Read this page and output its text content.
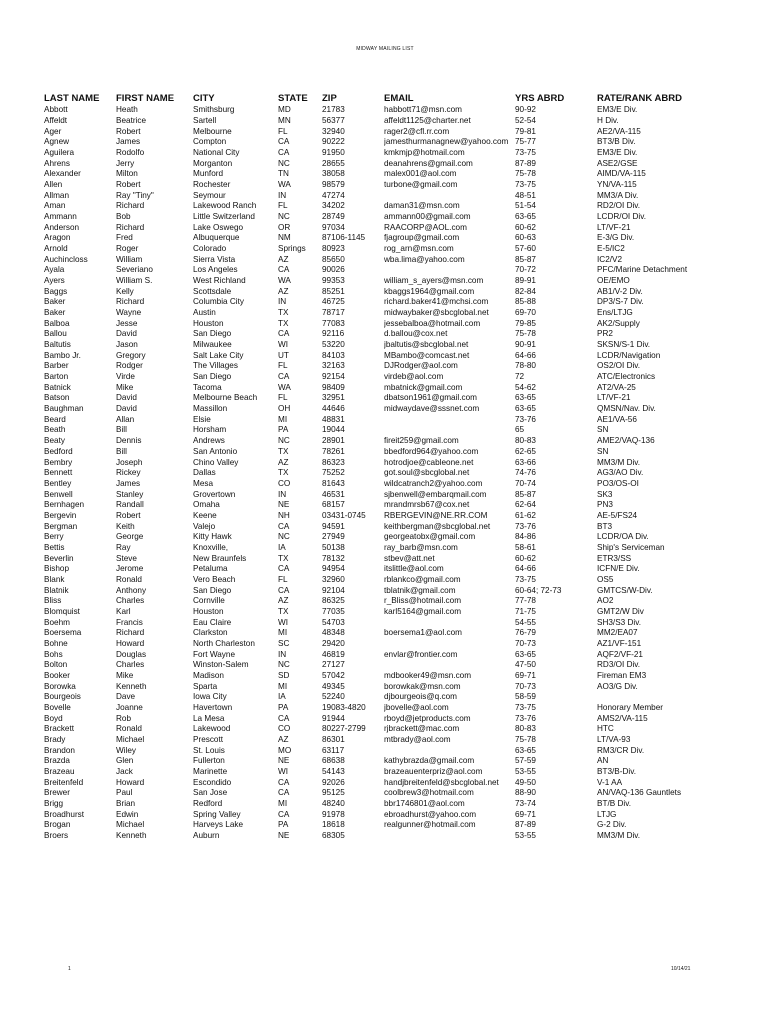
MIDWAY MAILING LIST
LAST NAME	FIRST NAME	CITY	STATE	ZIP	EMAIL	YRS ABRD	RATE/RANK ABRD
Abbott	Heath	Smithsburg	MD	21783	habbott71@msn.com	90-92	EM3/E Div.
Affeldt	Beatrice	Sartell	MN	56377	affeldt1125@charter.net	52-54	H Div.
Ager	Robert	Melbourne	FL	32940	rager2@cfl.rr.com	79-81	AE2/VA-115
Agnew	James	Compton	CA	90222	jamesthurmanagnew@yahoo.com	75-77	BT3/B Div.
Aguilera	Rodolfo	National City	CA	91950	kmkmjp@hotmail.com	73-75	EM3/E Div.
Ahrens	Jerry	Morganton	NC	28655	deanahrens@gmail.com	87-89	ASE2/GSE
Alexander	Milton	Munford	TN	38058	malex001@aol.com	75-78	AIMD/VA-115
Allen	Robert	Rochester	WA	98579	turbone@gmail.com	73-75	YN/VA-115
Allman	Ray "Tiny"	Seymour	IN	47274		48-51	MM3/A Div.
Aman	Richard	Lakewood Ranch	FL	34202	daman31@msn.com	51-54	RD2/OI Div.
Ammann	Bob	Little Switzerland	NC	28749	ammann00@gmail.com	63-65	LCDR/OI Div.
Anderson	Richard	Lake Oswego	OR	97034	RAACORP@AOL.com	60-62	LT/VF-21
Aragon	Fred	Albuquerque	NM	87106-1145	fjagroup@gmail.com	60-63	E-3/G Div.
Arnold	Roger	Colorado	Springs	80923	rog_arn@msn.com	57-60	E-5/IC2
Auchincloss	William	Sierra Vista	AZ	85650	wba.lima@yahoo.com	85-87	IC2/V2
Ayala	Severiano	Los Angeles	CA	90026		70-72	PFC/Marine Detachment
Ayers	William S.	West Richland	WA	99353	william_s_ayers@msn.com	89-91	OE/EMO
Baggs	Kelly	Scottsdale	AZ	85251	kbaggs1964@gmail.com	82-84	AB1/V-2 Div.
Baker	Richard	Columbia City	IN	46725	richard.baker41@mchsi.com	85-88	DP3/S-7 Div.
Baker	Wayne	Austin	TX	78717	midwaybaker@sbcglobal.net	69-70	Ens/LTJG
Balboa	Jesse	Houston	TX	77083	jessebalboa@hotmail.com	79-85	AK2/Supply
Ballou	David	San Diego	CA	92116	d.ballou@cox.net	75-78	PR2
Baltutis	Jason	Milwaukee	WI	53220	jbaltutis@sbcglobal.net	90-91	SKSN/S-1 Div.
Bambo Jr.	Gregory	Salt Lake City	UT	84103	MBambo@comcast.net	64-66	LCDR/Navigation
Barber	Rodger	The Villages	FL	32163	DJRodger@aol.com	78-80	OS2/OI Div.
Barton	Virde	San Diego	CA	92154	virdeb@aol.com	72	ATC/Electronics
Batnick	Mike	Tacoma	WA	98409	mbatnick@gmail.com	54-62	AT2/VA-25
Batson	David	Melbourne Beach	FL	32951	dbatson1961@gmail.com	63-65	LT/VF-21
Baughman	David	Massillon	OH	44646	midwaydave@sssnet.com	63-65	QMSN/Nav. Div.
Beard	Allan	Elsie	MI	48831		73-76	AE1/VA-56
Beath	Bill	Horsham	PA	19044		65	SN
Beaty	Dennis	Andrews	NC	28901	fireit259@gmail.com	80-83	AME2/VAQ-136
Bedford	Bill	San Antonio	TX	78261	bbedford964@yahoo.com	62-65	SN
Bembry	Joseph	Chino Valley	AZ	86323	hotrodjoe@cableone.net	63-66	MM3/M Div.
Bennett	Rickey	Dallas	TX	75252	got.soul@sbcglobal.net	74-76	AG3/AO Div.
Bentley	James	Mesa	CO	81643	wildcatranch2@yahoo.com	70-74	PO3/OS-OI
Benwell	Stanley	Grovertown	IN	46531	sjbenwell@embarqmail.com	85-87	SK3
Bernhagen	Randall	Omaha	NE	68157	mrandmrsb67@cox.net	62-64	PN3
Bergevin	Robert	Keene	NH	03431-0745	RBERGEVIN@NE.RR.COM	61-62	AE-5/FS24
Bergman	Keith	Valejo	CA	94591	keithbergman@sbcglobal.net	73-76	BT3
Berry	George	Kitty Hawk	NC	27949	georgeatobx@gmail.com	84-86	LCDR/OA Div.
Bettis	Ray	Knoxville,	IA	50138	ray_barb@msn.com	58-61	Ship's Serviceman
Beverlin	Steve	New Braunfels	TX	78132	stbev@att.net	60-62	ETR3/SS
Bishop	Jerome	Petaluma	CA	94954	itslittle@aol.com	64-66	ICFN/E Div.
Blank	Ronald	Vero Beach	FL	32960	rblankco@gmail.com	73-75	OS5
Blatnik	Anthony	San Diego	CA	92104	tblatnik@gmail.com	60-64; 72-73	GMTCS/W-Div.
Bliss	Charles	Cornville	AZ	86325	r_Bliss@hotmail.com	77-78	AO2
Blomquist	Karl	Houston	TX	77035	karl5164@gmail.com	71-75	GMT2/W Div
Boehm	Francis	Eau Claire	WI	54703		54-55	SH3/S3 Div.
Boersema	Richard	Clarkston	MI	48348	boersema1@aol.com	76-79	MM2/EA07
Bohne	Howard	North Charleston	SC	29420		70-73	AZ1/VF-151
Bohs	Douglas	Fort Wayne	IN	46819	envlar@frontier.com	63-65	AQF2/VF-21
Bolton	Charles	Winston-Salem	NC	27127		47-50	RD3/OI Div.
Booker	Mike	Madison	SD	57042	mdbooker49@msn.com	69-71	Fireman EM3
Borowka	Kenneth	Sparta	MI	49345	borowkak@msn.com	70-73	AO3/G Div.
Bourgeois	Dave	Iowa City	IA	52240	djbourgeois@q.com	58-59	
Bovelle	Joanne	Havertown	PA	19083-4820	jbovelle@aol.com	73-75	Honorary Member
Boyd	Rob	La Mesa	CA	91944	rboyd@jetproducts.com	73-76	AMS2/VA-115
Brackett	Ronald	Lakewood	CO	80227-2799	rjbrackett@mac.com	80-83	HTC
Brady	Michael	Prescott	AZ	86301	mtbrady@aol.com	75-78	LT/VA-93
Brandon	Wiley	St. Louis	MO	63117		63-65	RM3/CR Div.
Brazda	Glen	Fullerton	NE	68638	kathybrazda@gmail.com	57-59	AN
Brazeau	Jack	Marinette	WI	54143	brazeauenterpriz@aol.com	53-55	BT3/B-Div.
Breitenfeld	Howard	Escondido	CA	92026	handjbreitenfeld@sbcglobal.net	49-50	V-1 AA
Brewer	Paul	San Jose	CA	95125	coolbrew3@hotmail.com	88-90	AN/VAQ-136 Gauntlets
Brigg	Brian	Redford	MI	48240	bbr1746801@aol.com	73-74	BT/B Div.
Broadhurst	Edwin	Spring Valley	CA	91978	ebroadhurst@yahoo.com	69-71	LTJG
Brogan	Michael	Harveys Lake	PA	18618	realgunner@hotmail.com	87-89	G-2 Div.
Broers	Kenneth	Auburn	NE	68305		53-55	MM3/M Div.
1	10/14/21
